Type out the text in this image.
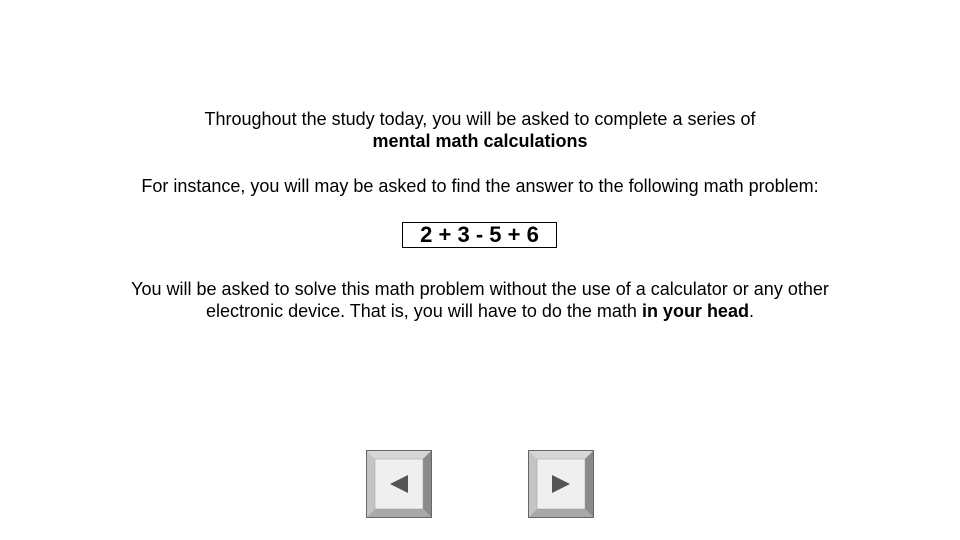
Throughout the study today, you will be asked to complete a series of
mental math calculations
For instance, you will may be asked to find the answer to the following math problem:
2 + 3 - 5 + 6
You will be asked to solve this math problem without the use of a calculator or any other
electronic device. That is, you will have to do the math in your head.
